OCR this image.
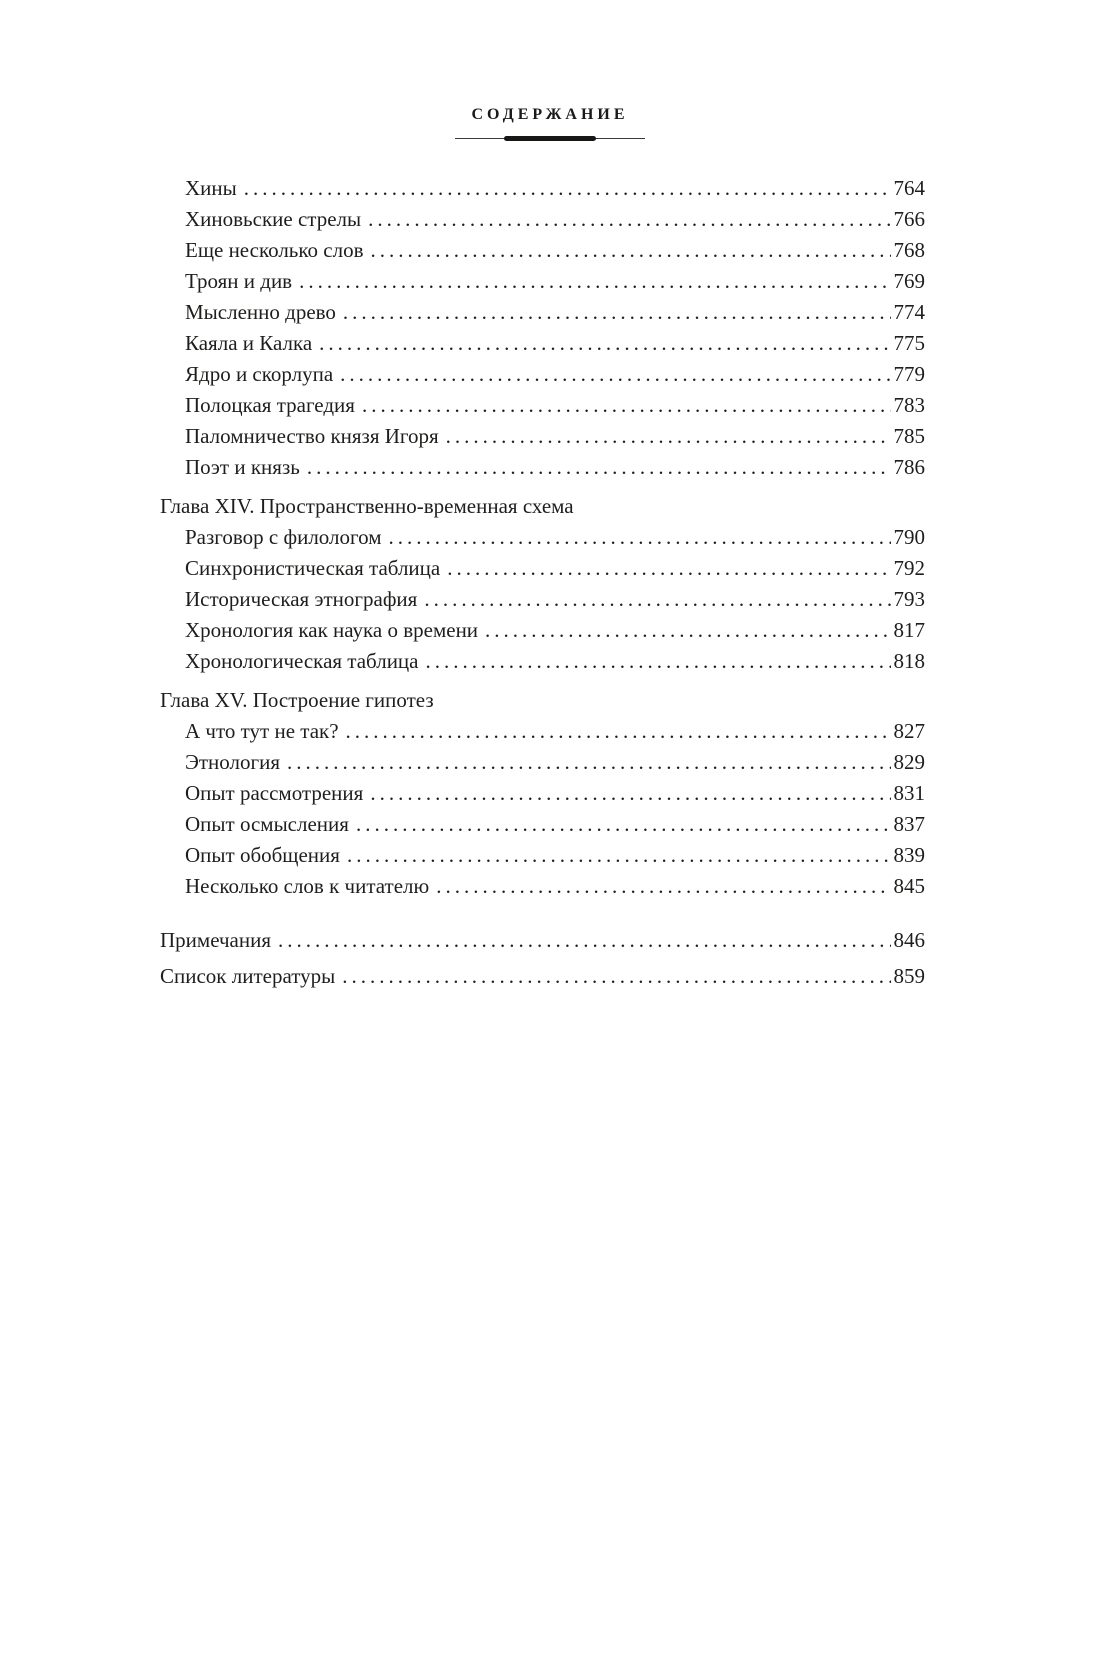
СОДЕРЖАНИЕ
Хины .....	764
Хиновьские стрелы .....	766
Еще несколько слов .....	768
Троян и див .....	769
Мысленно древо .....	774
Каяла и Калка .....	775
Ядро и скорлупа .....	779
Полоцкая трагедия .....	783
Паломничество князя Игоря .....	785
Поэт и князь .....	786
Глава XIV. Пространственно-временная схема
Разговор с филологом .....	790
Синхронистическая таблица .....	792
Историческая этнография .....	793
Хронология как наука о времени .....	817
Хронологическая таблица .....	818
Глава XV. Построение гипотез
А что тут не так? .....	827
Этнология .....	829
Опыт рассмотрения .....	831
Опыт осмысления .....	837
Опыт обобщения .....	839
Несколько слов к читателю .....	845
Примечания .....	846
Список литературы .....	859
